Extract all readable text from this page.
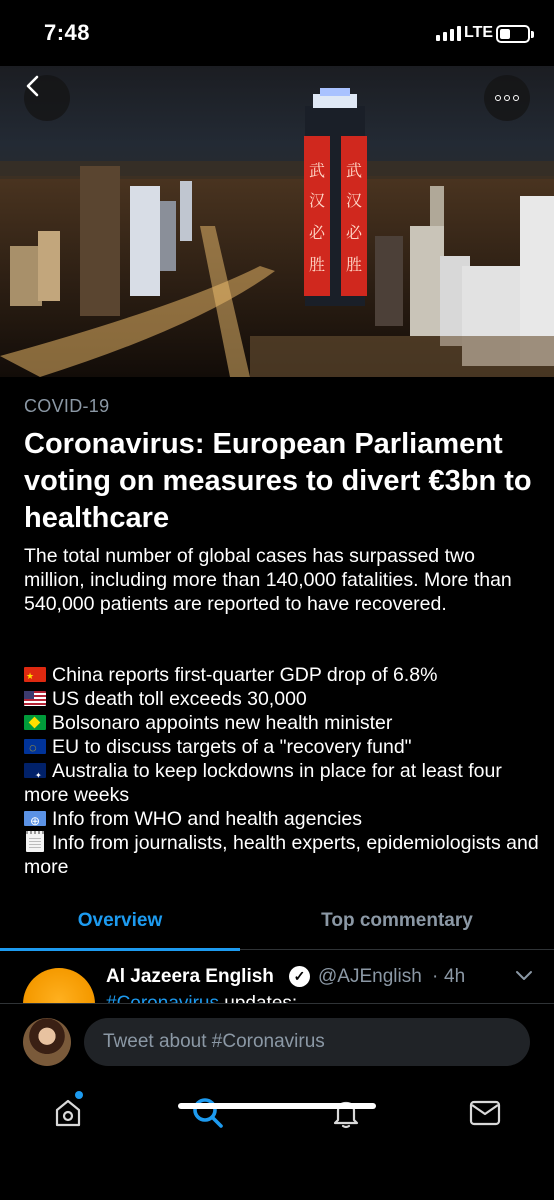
7:48	LTE
武
汉
必
胜
武
汉
必
胜
COVID-19
Coronavirus: European Parliament voting on measures to divert €3bn to healthcare
The total number of global cases has surpassed two million, including more than 140,000 fatalities. More than 540,000 patients are reported to have recovered.
★China reports first-quarter GDP drop of 6.8%
US death toll exceeds 30,000
Bolsonaro appoints new health minister
◌EU to discuss targets of a "recovery fund"
✦Australia to keep lockdowns in place for at least four more weeks
⊕Info from WHO and health agencies
Info from journalists, health experts, epidemiologists and more
Overview	Top commentary
Al Jazeera English	✓ @AJEnglish · 4h
Tweet about #Coronavirus
